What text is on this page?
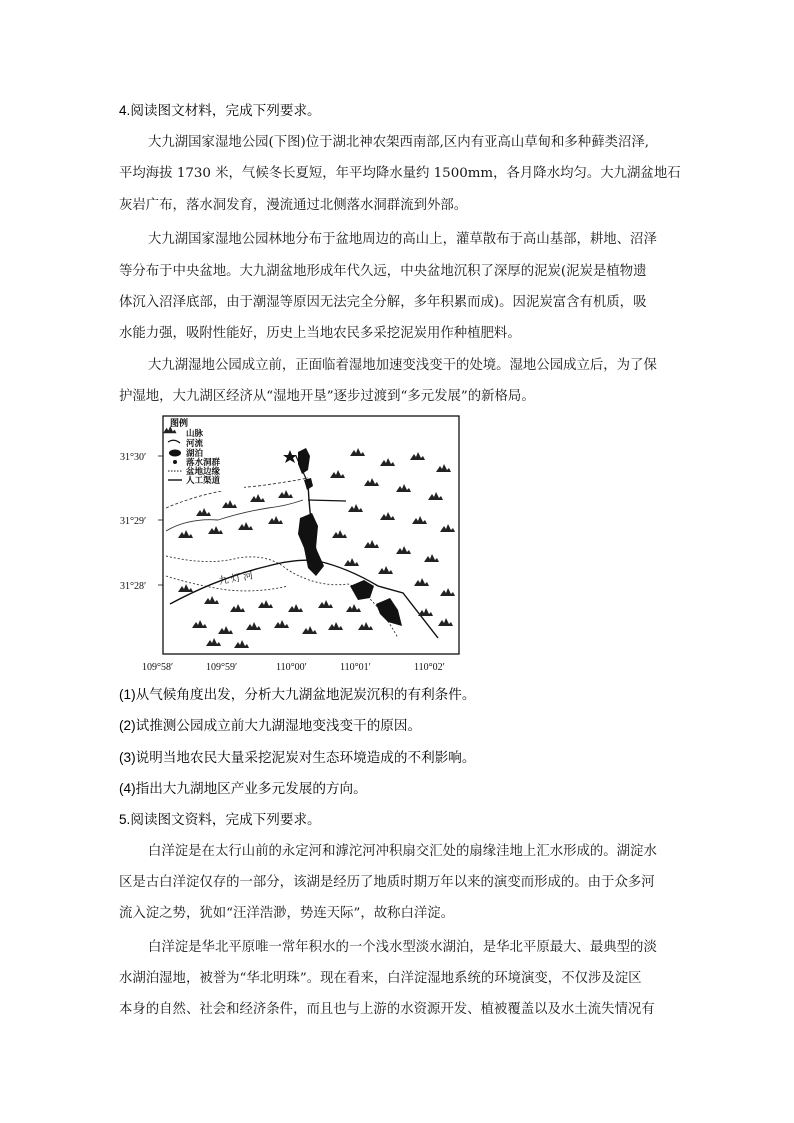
4.阅读图文材料，完成下列要求。
大九湖国家湿地公园(下图)位于湖北神农架西南部,区内有亚高山草甸和多种藓类沼泽,
平均海拔 1730 米，气候冬长夏短，年平均降水量约 1500mm，各月降水均匀。大九湖盆地石
灰岩广布，落水洞发育，漫流通过北侧落水洞群流到外部。
大九湖国家湿地公园林地分布于盆地周边的高山上，灌草散布于高山基部，耕地、沼泽
等分布于中央盆地。大九湖盆地形成年代久远，中央盆地沉积了深厚的泥炭(泥炭是植物遗
体沉入沼泽底部，由于潮湿等原因无法完全分解，多年积累而成)。因泥炭富含有机质，吸
水能力强，吸附性能好，历史上当地农民多采挖泥炭用作种植肥料。
大九湖湿地公园成立前，正面临着湿地加速变浅变干的处境。湿地公园成立后，为了保
护湿地，大九湖区经济从“湿地开垦”逐步过渡到“多元发展”的新格局。
图例
山脉
河流
湖泊
落水洞群
盆地边缘
人工渠道
九 灯 河
31°30′
31°29′
31°28′
109°58′	109°59′	110°00′	110°01′	110°02′
(1)从气候角度出发，分析大九湖盆地泥炭沉积的有利条件。
(2)试推测公园成立前大九湖湿地变浅变干的原因。
(3)说明当地农民大量采挖泥炭对生态环境造成的不利影响。
(4)指出大九湖地区产业多元发展的方向。
5.阅读图文资料，完成下列要求。
白洋淀是在太行山前的永定河和滹沱河冲积扇交汇处的扇缘洼地上汇水形成的。湖淀水
区是古白洋淀仅存的一部分，该湖是经历了地质时期万年以来的演变而形成的。由于众多河
流入淀之势，犹如“汪洋浩渺，势连天际”，故称白洋淀。
白洋淀是华北平原唯一常年积水的一个浅水型淡水湖泊，是华北平原最大、最典型的淡
水湖泊湿地，被誉为“华北明珠”。现在看来，白洋淀湿地系统的环境演变，不仅涉及淀区
本身的自然、社会和经济条件，而且也与上游的水资源开发、植被覆盖以及水土流失情况有
